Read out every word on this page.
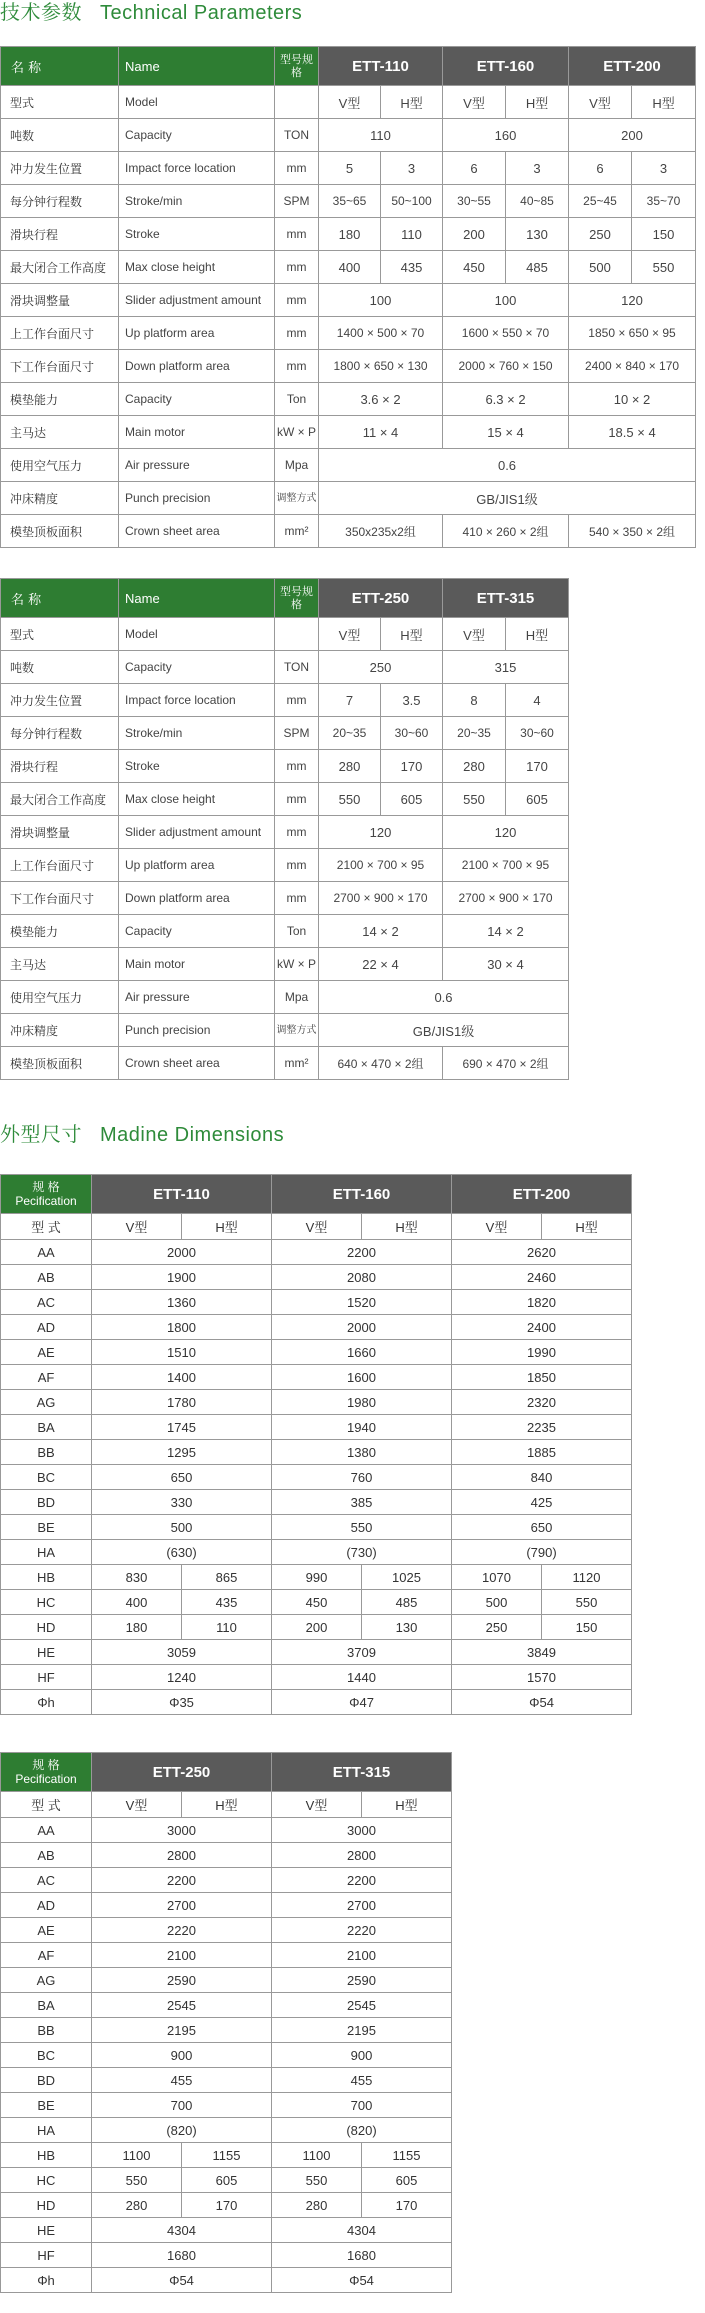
技术参数 Technical Parameters
名 称	Name	型号规格	ETT-110		ETT-160		ETT-200	
型式	Model		V型	H型	V型	H型	V型	H型
吨数	Capacity	TON	110		160		200	
冲力发生位置	Impact force location	mm	5	3	6	3	6	3
每分钟行程数	Stroke/min	SPM	35~65	50~100	30~55	40~85	25~45	35~70
滑块行程	Stroke	mm	180	110	200	130	250	150
最大闭合工作高度	Max close height	mm	400	435	450	485	500	550
滑块调整量	Slider adjustment amount	mm	100		100		120	
上工作台面尺寸	Up platform area	mm	1400 × 500 × 70		1600 × 550 × 70		1850 × 650 × 95	
下工作台面尺寸	Down platform area	mm	1800 × 650 × 130		2000 × 760 × 150		2400 × 840 × 170	
模垫能力	Capacity	Ton	3.6 × 2		6.3 × 2		10 × 2	
主马达	Main motor	kW × P	11 × 4		15 × 4		18.5 × 4	
使用空气压力	Air pressure	Mpa	0.6					
冲床精度	Punch precision	调整方式	GB/JIS1级					
模垫顶板面积	Crown sheet area	mm²	350x235x2组		410 × 260 × 2组		540 × 350 × 2组	
名 称	Name	型号规格	ETT-250		ETT-315	
型式	Model		V型	H型	V型	H型
吨数	Capacity	TON	250		315	
冲力发生位置	Impact force location	mm	7	3.5	8	4
每分钟行程数	Stroke/min	SPM	20~35	30~60	20~35	30~60
滑块行程	Stroke	mm	280	170	280	170
最大闭合工作高度	Max close height	mm	550	605	550	605
滑块调整量	Slider adjustment amount	mm	120		120	
上工作台面尺寸	Up platform area	mm	2100 × 700 × 95		2100 × 700 × 95	
下工作台面尺寸	Down platform area	mm	2700 × 900 × 170		2700 × 900 × 170	
模垫能力	Capacity	Ton	14 × 2		14 × 2	
主马达	Main motor	kW × P	22 × 4		30 × 4	
使用空气压力	Air pressure	Mpa	0.6			
冲床精度	Punch precision	调整方式	GB/JIS1级			
模垫顶板面积	Crown sheet area	mm²	640 × 470 × 2组		690 × 470 × 2组	
外型尺寸 Madine Dimensions
规 格
Pecification	ETT-110		ETT-160		ETT-200	
型 式	V型	H型	V型	H型	V型	H型
AA	2000		2200		2620	
AB	1900		2080		2460	
AC	1360		1520		1820	
AD	1800		2000		2400	
AE	1510		1660		1990	
AF	1400		1600		1850	
AG	1780		1980		2320	
BA	1745		1940		2235	
BB	1295		1380		1885	
BC	650		760		840	
BD	330		385		425	
BE	500		550		650	
HA	(630)		(730)		(790)	
HB	830	865	990	1025	1070	1120
HC	400	435	450	485	500	550
HD	180	110	200	130	250	150
HE	3059		3709		3849	
HF	1240		1440		1570	
Φh	Φ35		Φ47		Φ54	
规 格
Pecification	ETT-250		ETT-315	
型 式	V型	H型	V型	H型
AA	3000		3000	
AB	2800		2800	
AC	2200		2200	
AD	2700		2700	
AE	2220		2220	
AF	2100		2100	
AG	2590		2590	
BA	2545		2545	
BB	2195		2195	
BC	900		900	
BD	455		455	
BE	700		700	
HA	(820)		(820)	
HB	1100	1155	1100	1155
HC	550	605	550	605
HD	280	170	280	170
HE	4304		4304	
HF	1680		1680	
Φh	Φ54		Φ54	
